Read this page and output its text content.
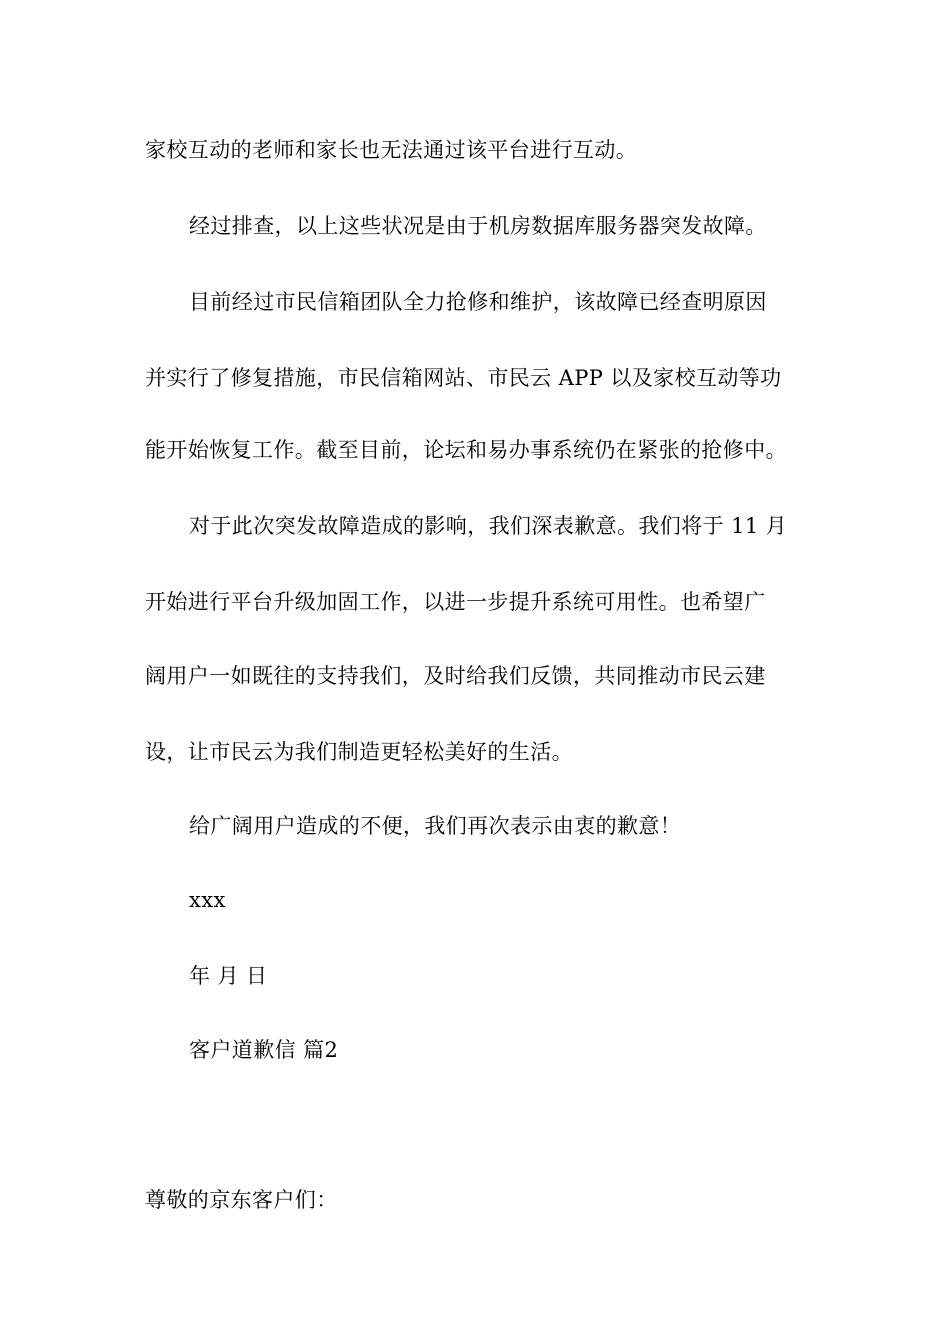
家校互动的老师和家长也无法通过该平台进行互动。
经过排查，以上这些状况是由于机房数据库服务器突发故障。
目前经过市民信箱团队全力抢修和维护，该故障已经查明原因
并实行了修复措施，市民信箱网站、市民云 APP 以及家校互动等功
能开始恢复工作。截至目前，论坛和易办事系统仍在紧张的抢修中。
对于此次突发故障造成的影响，我们深表歉意。我们将于 11 月
开始进行平台升级加固工作，以进一步提升系统可用性。也希望广
阔用户一如既往的支持我们，及时给我们反馈，共同推动市民云建
设，让市民云为我们制造更轻松美好的生活。
给广阔用户造成的不便，我们再次表示由衷的歉意！
xxx
年 月 日
客户道歉信 篇2
尊敬的京东客户们：
